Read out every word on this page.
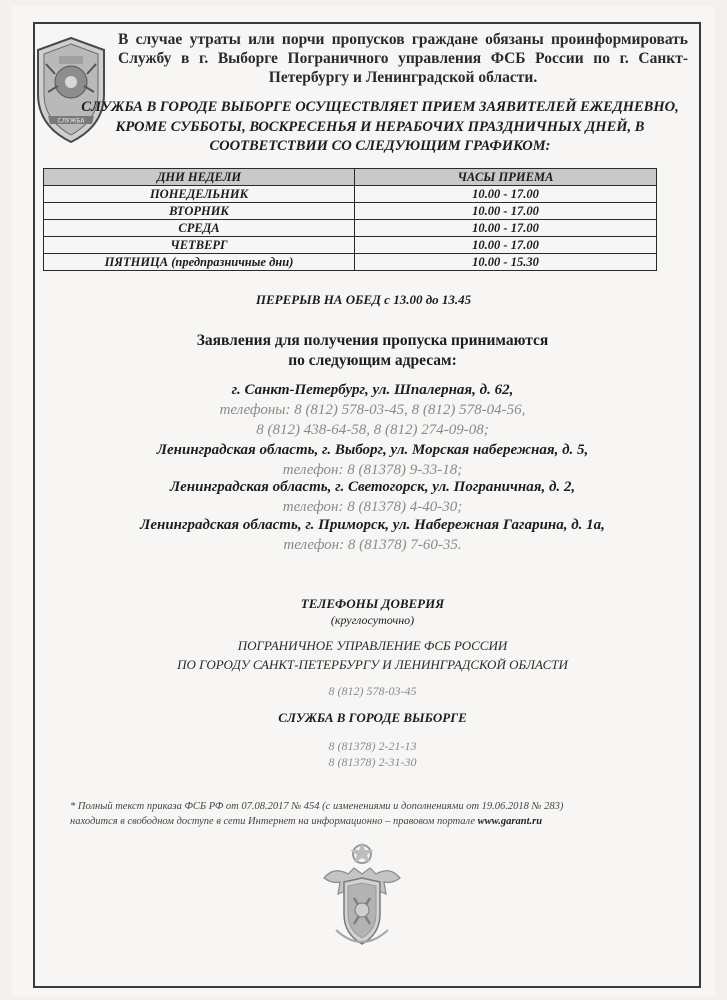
СЛУЖБА
В случае утраты или порчи пропусков граждане обязаны проинформировать Службу в г. Выборге Пограничного управления ФСБ России по г. Санкт- Петербургу и Ленинградской области.
СЛУЖБА В ГОРОДЕ ВЫБОРГЕ ОСУЩЕСТВЛЯЕТ ПРИЕМ ЗАЯВИТЕЛЕЙ ЕЖЕДНЕВНО, КРОМЕ СУББОТЫ, ВОСКРЕСЕНЬЯ И НЕРАБОЧИХ ПРАЗДНИЧНЫХ ДНЕЙ, В СООТВЕТСТВИИ СО СЛЕДУЮЩИМ ГРАФИКОМ:
ДНИ НЕДЕЛИ	ЧАСЫ ПРИЕМА
ПОНЕДЕЛЬНИК	10.00 - 17.00
ВТОРНИК	10.00 - 17.00
СРЕДА	10.00 - 17.00
ЧЕТВЕРГ	10.00 - 17.00
ПЯТНИЦА (предпразничные дни)	10.00 - 15.30
ПЕРЕРЫВ НА ОБЕД с 13.00 до 13.45
Заявления для получения пропуска принимаются
по следующим адресам:
г. Санкт-Петербург, ул. Шпалерная, д. 62,
телефоны: 8 (812) 578-03-45, 8 (812) 578-04-56,
8 (812) 438-64-58, 8 (812) 274-09-08;
Ленинградская область, г. Выборг, ул. Морская набережная, д. 5,
телефон: 8 (81378) 9-33-18;
Ленинградская область, г. Светогорск, ул. Пограничная, д. 2,
телефон: 8 (81378) 4-40-30;
Ленинградская область, г. Приморск, ул. Набережная Гагарина, д. 1а,
телефон: 8 (81378) 7-60-35.
ТЕЛЕФОНЫ ДОВЕРИЯ
(круглосуточно)
ПОГРАНИЧНОЕ УПРАВЛЕНИЕ ФСБ РОССИИ
ПО ГОРОДУ САНКТ-ПЕТЕРБУРГУ И ЛЕНИНГРАДСКОЙ ОБЛАСТИ
8 (812) 578-03-45
СЛУЖБА В ГОРОДЕ ВЫБОРГЕ
8 (81378) 2-21-13
8 (81378) 2-31-30
* Полный текст приказа ФСБ РФ от 07.08.2017 № 454 (с изменениями и дополнениями от 19.06.2018 № 283)
находится в свободном доступе в сети Интернет на информационно – правовом портале www.garant.ru
